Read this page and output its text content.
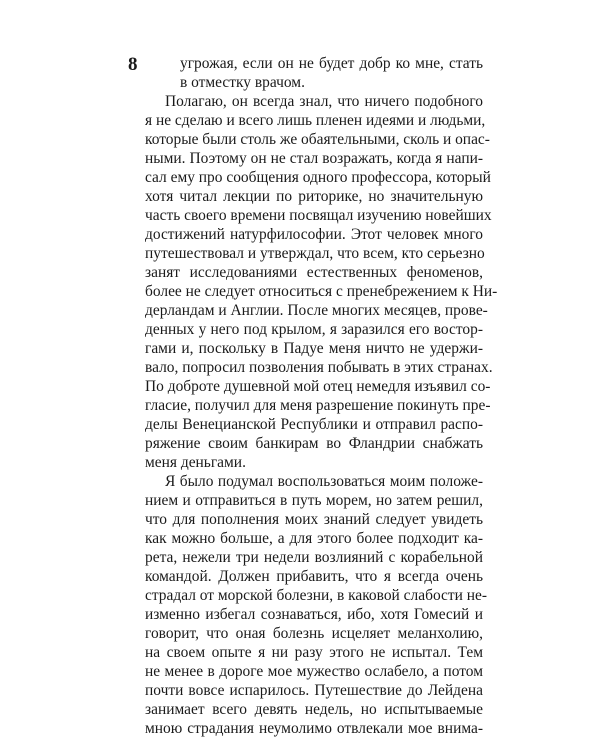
8	угрожая, если он не будет добр ко мне, стать
в отместку врачом.
Полагаю, он всегда знал, что ничего подобного
я не сделаю и всего лишь пленен идеями и людьми,
которые были столь же обаятельными, сколь и опас-
ными. Поэтому он не стал возражать, когда я напи-
сал ему про сообщения одного профессора, который
хотя читал лекции по риторике, но значительную
часть своего времени посвящал изучению новейших
достижений натурфилософии. Этот человек много
путешествовал и утверждал, что всем, кто серьезно
занят исследованиями естественных феноменов,
более не следует относиться с пренебрежением к Ни-
дерландам и Англии. После многих месяцев, прове-
денных у него под крылом, я заразился его востор-
гами и, поскольку в Падуе меня ничто не удержи-
вало, попросил позволения побывать в этих странах.
По доброте душевной мой отец немедля изъявил со-
гласие, получил для меня разрешение покинуть пре-
делы Венецианской Республики и отправил распо-
ряжение своим банкирам во Фландрии снабжать
меня деньгами.
Я было подумал воспользоваться моим положе-
нием и отправиться в путь морем, но затем решил,
что для пополнения моих знаний следует увидеть
как можно больше, а для этого более подходит ка-
рета, нежели три недели возлияний с корабельной
командой. Должен прибавить, что я всегда очень
страдал от морской болезни, в каковой слабости не-
изменно избегал сознаваться, ибо, хотя Гомесий и
говорит, что оная болезнь исцеляет меланхолию,
на своем опыте я ни разу этого не испытал. Тем
не менее в дороге мое мужество ослабело, а потом
почти вовсе испарилось. Путешествие до Лейдена
занимает всего девять недель, но испытываемые
мною страдания неумолимо отвлекали мое внима-
